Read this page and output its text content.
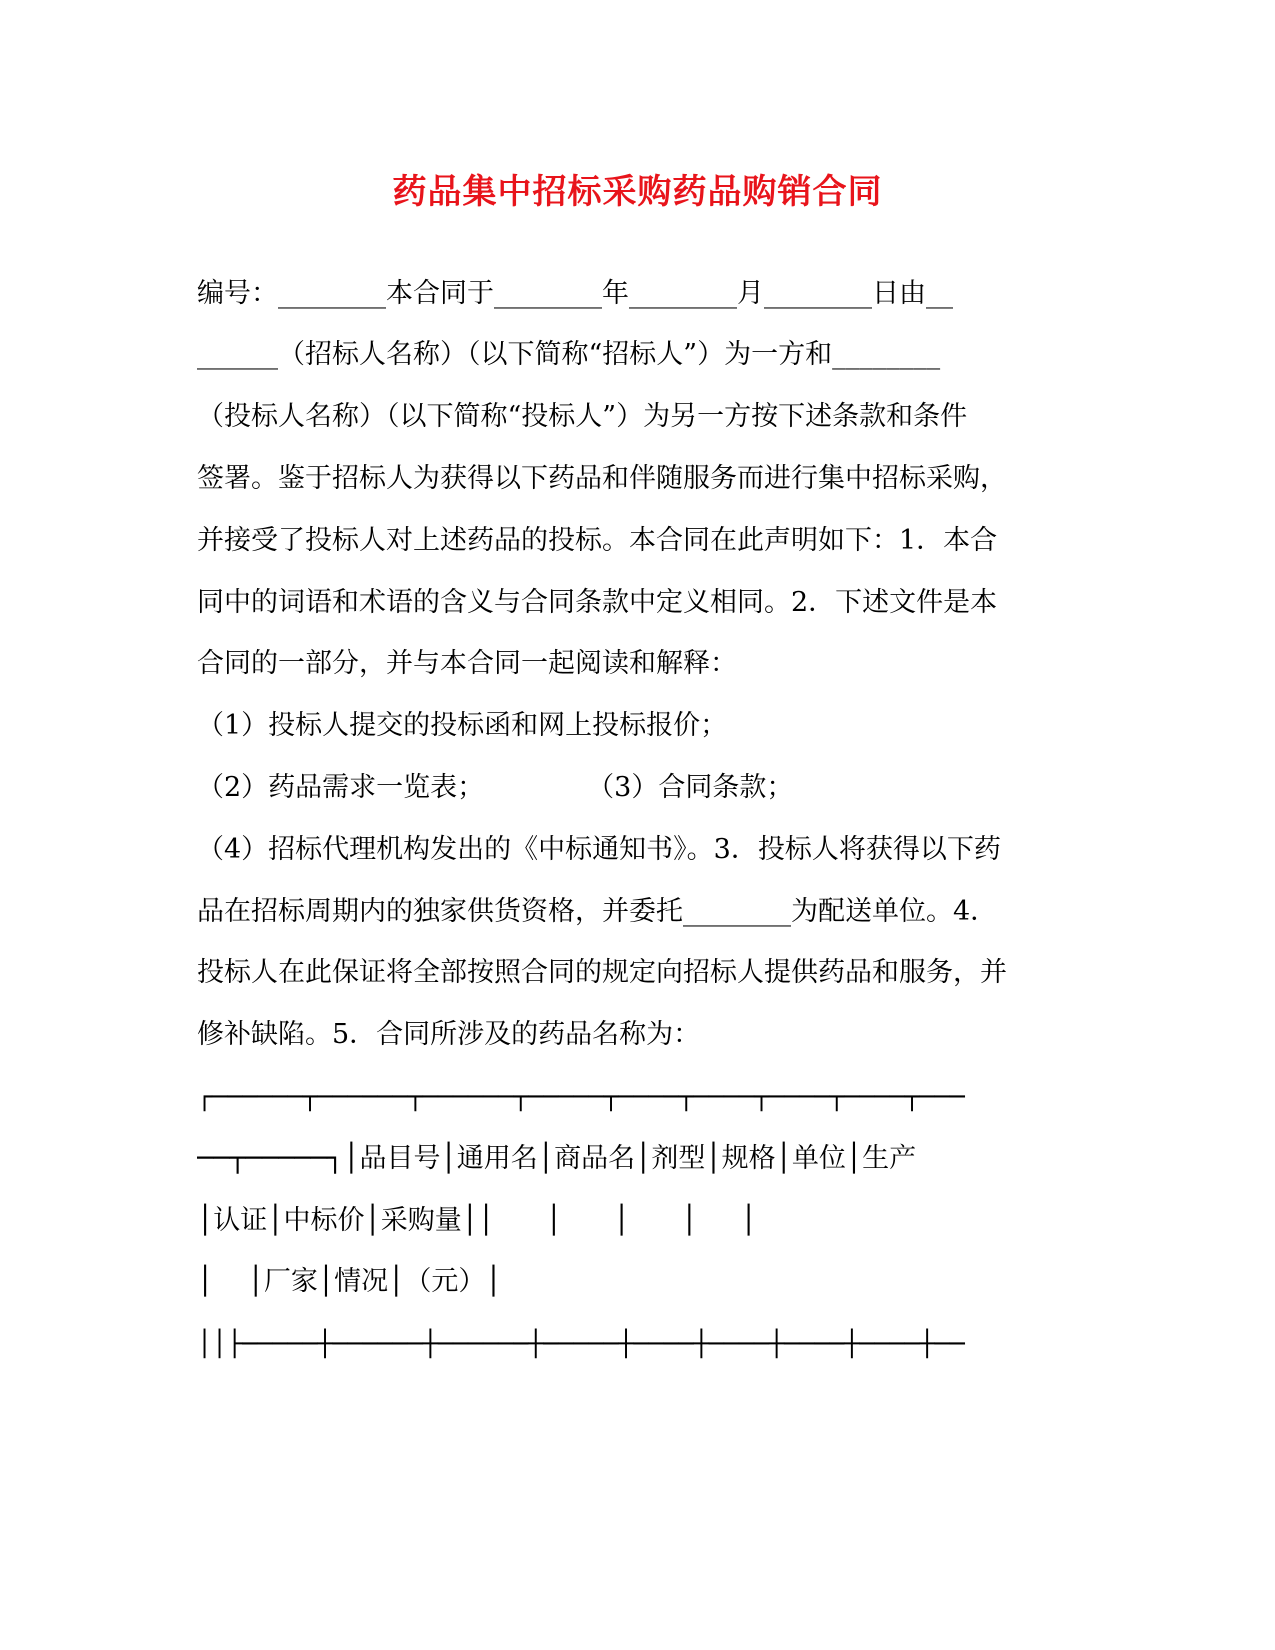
药品集中招标采购药品购销合同
编号：________本合同于________年________月________日由__
______（招标人名称）（以下简称“招标人”）为一方和________
（投标人名称）（以下简称“投标人”）为另一方按下述条款和条件
签署。鉴于招标人为获得以下药品和伴随服务而进行集中招标采购，
并接受了投标人对上述药品的投标。本合同在此声明如下：1．本合
同中的词语和术语的含义与合同条款中定义相同。2．下述文件是本
合同的一部分，并与本合同一起阅读和解释：
（1）投标人提交的投标函和网上投标报价；
（2）药品需求一览表；            （3）合同条款；
（4）招标代理机构发出的《中标通知书》。3．投标人将获得以下药
品在招标周期内的独家供货资格，并委托________为配送单位。4．
投标人在此保证将全部按照合同的规定向招标人提供药品和服务，并
修补缺陷。5．合同所涉及的药品名称为：
┌──────┬──────┬──────┬─────┬────┬────┬────┬────┬───
──┬─────┐│品目号│通用名│商品名│剂型│规格│单位│生产
│认证│中标价│采购量││      │      │      │     │
│    │厂家│情况│（元）│
││├─────┼──────┼──────┼─────┼────┼────┼────┼────┼──
